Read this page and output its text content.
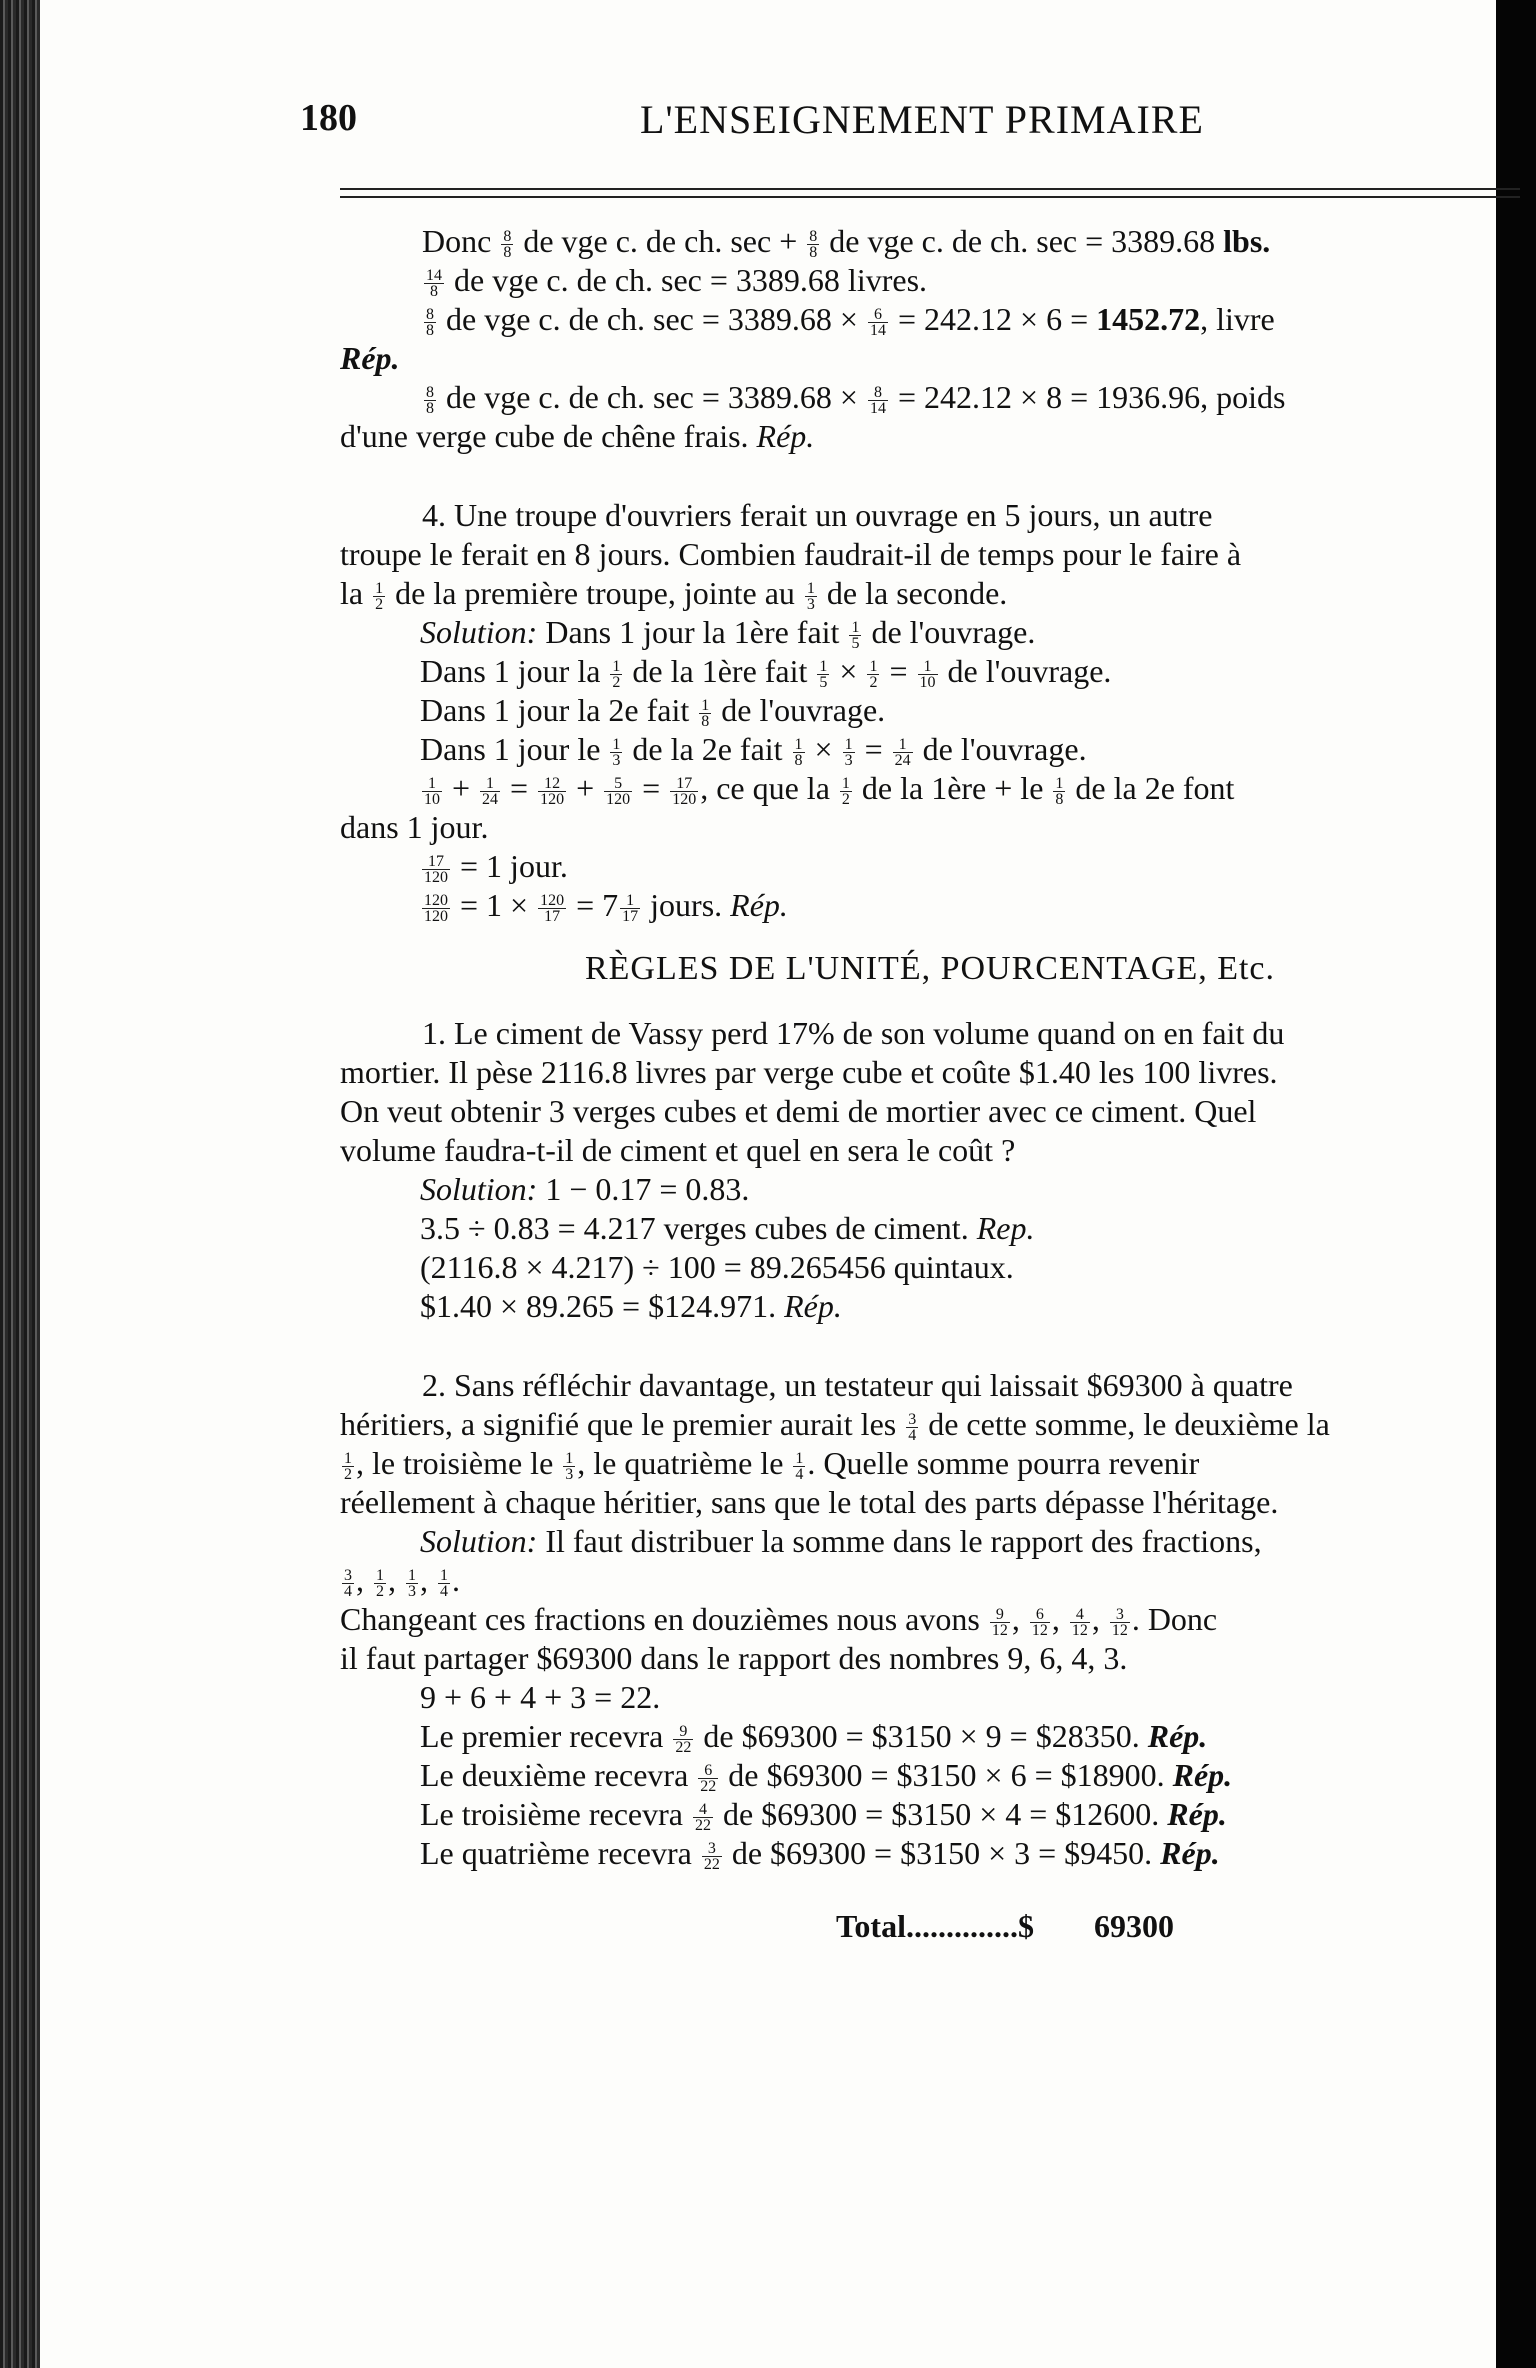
180	L'ENSEIGNEMENT PRIMAIRE
Donc $\frac{8}{8}$ de vge c. de ch. $\sec + \frac{8}{8}$ de vge c. de ch. sec = 3389.68 lbs.
$\frac{14}{8}$ de vge c. de ch. sec = 3389.68 livres.
$\frac{8}{8}$ de vge c. de ch. $\sec = 3389.68 \times \frac{6}{14} = 242.12 \times 6 = 1452.72$, livre
Rép.
$\frac{8}{8}$ de vge c. de ch. $\sec = 3389.68 \times \frac{8}{14} = 242.12 \times 8 = 1936.96$, poids
d'une verge cube de chêne frais. Rép.
4. Une troupe d'ouvriers ferait un ouvrage en 5 jours, un autre
troupe le ferait en 8 jours. Combien faudrait-il de temps pour le faire à
la $\frac{1}{2}$ de la première troupe, jointe au $\frac{1}{3}$ de la seconde.
Solution: Dans 1 jour la 1ère fait $\frac{1}{5}$ de l'ouvrage.
Dans 1 jour la $\frac{1}{2}$ de la 1ère fait $\frac{1}{5} \times \frac{1}{2} = \frac{1}{10}$ de l'ouvrage.
Dans 1 jour la 2e fait $\frac{1}{8}$ de l'ouvrage.
Dans 1 jour le $\frac{1}{3}$ de la 2e fait $\frac{1}{8} \times \frac{1}{3} = \frac{1}{24}$ de l'ouvrage.
$\frac{1}{10} + \frac{1}{24} = \frac{12}{120} + \frac{5}{120} = \frac{17}{120}$ , ce que la $\frac{1}{2}$ de la 1ère + le $\frac{1}{8}$ de la 2e font
dans 1 jour.
$\frac{17}{120} = 1$ jour.
$\frac{120}{120} = 1 \times \frac{120}{17} = 7 \frac{1}{17}$ jours. Rép.
RÈGLES DE L'UNITÉ, POURCENTAGE, Etc.
1. Le ciment de Vassy perd 17% de son volume quand on en fait du
mortier. Il pèse 2116.8 livres par verge cube et coûte $1.40 les 100 livres.
On veut obtenir 3 verges cubes et demi de mortier avec ce ciment. Quel
volume faudra-t-il de ciment et quel en sera le coût ?
Solution: 1 − 0.17 = 0.83.
3.5 ÷ 0.83 = 4.217 verges cubes de ciment. Rep.
(2116.8 × 4.217) ÷ 100 = 89.265456 quintaux.
$1.40 × 89.265 = $124.971. Rép.
2. Sans réfléchir davantage, un testateur qui laissait $69300 à quatre
héritiers, a signifié que le premier aurait les $\frac{3}{4}$ de cette somme, le deuxième la
$\frac{1}{2}$ , le troisième le $\frac{1}{3}$ , le quatrième le $\frac{1}{4}$ . Quelle somme pourra revenir
réellement à chaque héritier, sans que le total des parts dépasse l'héritage.
Solution: Il faut distribuer la somme dans le rapport des fractions,
$\frac{3}{4}$ , $\frac{1}{2}$ , $\frac{1}{3}$ , $\frac{1}{4}$ .
Changeant ces fractions en douzièmes nous avons $\frac{9}{12}$ , $\frac{6}{12}$ , $\frac{4}{12}$ , $\frac{3}{12}$ . Donc
il faut partager $69300 dans le rapport des nombres 9, 6, 4, 3.
9 + 6 + 4 + 3 = 22.
Le premier recevra $\frac{9}{22}$ de $69300 = $3150 × 9 = $28350. Rép.
Le deuxième recevra $\frac{6}{22}$ de $69300 = $3150 × 6 = $18900. Rép.
Le troisième recevra $\frac{4}{22}$ de $69300 = $3150 × 4 = $12600. Rép.
Le quatrième recevra $\frac{3}{22}$ de $69300 = $3150 × 3 = $9450. Rép.
Total..............$ 69300
